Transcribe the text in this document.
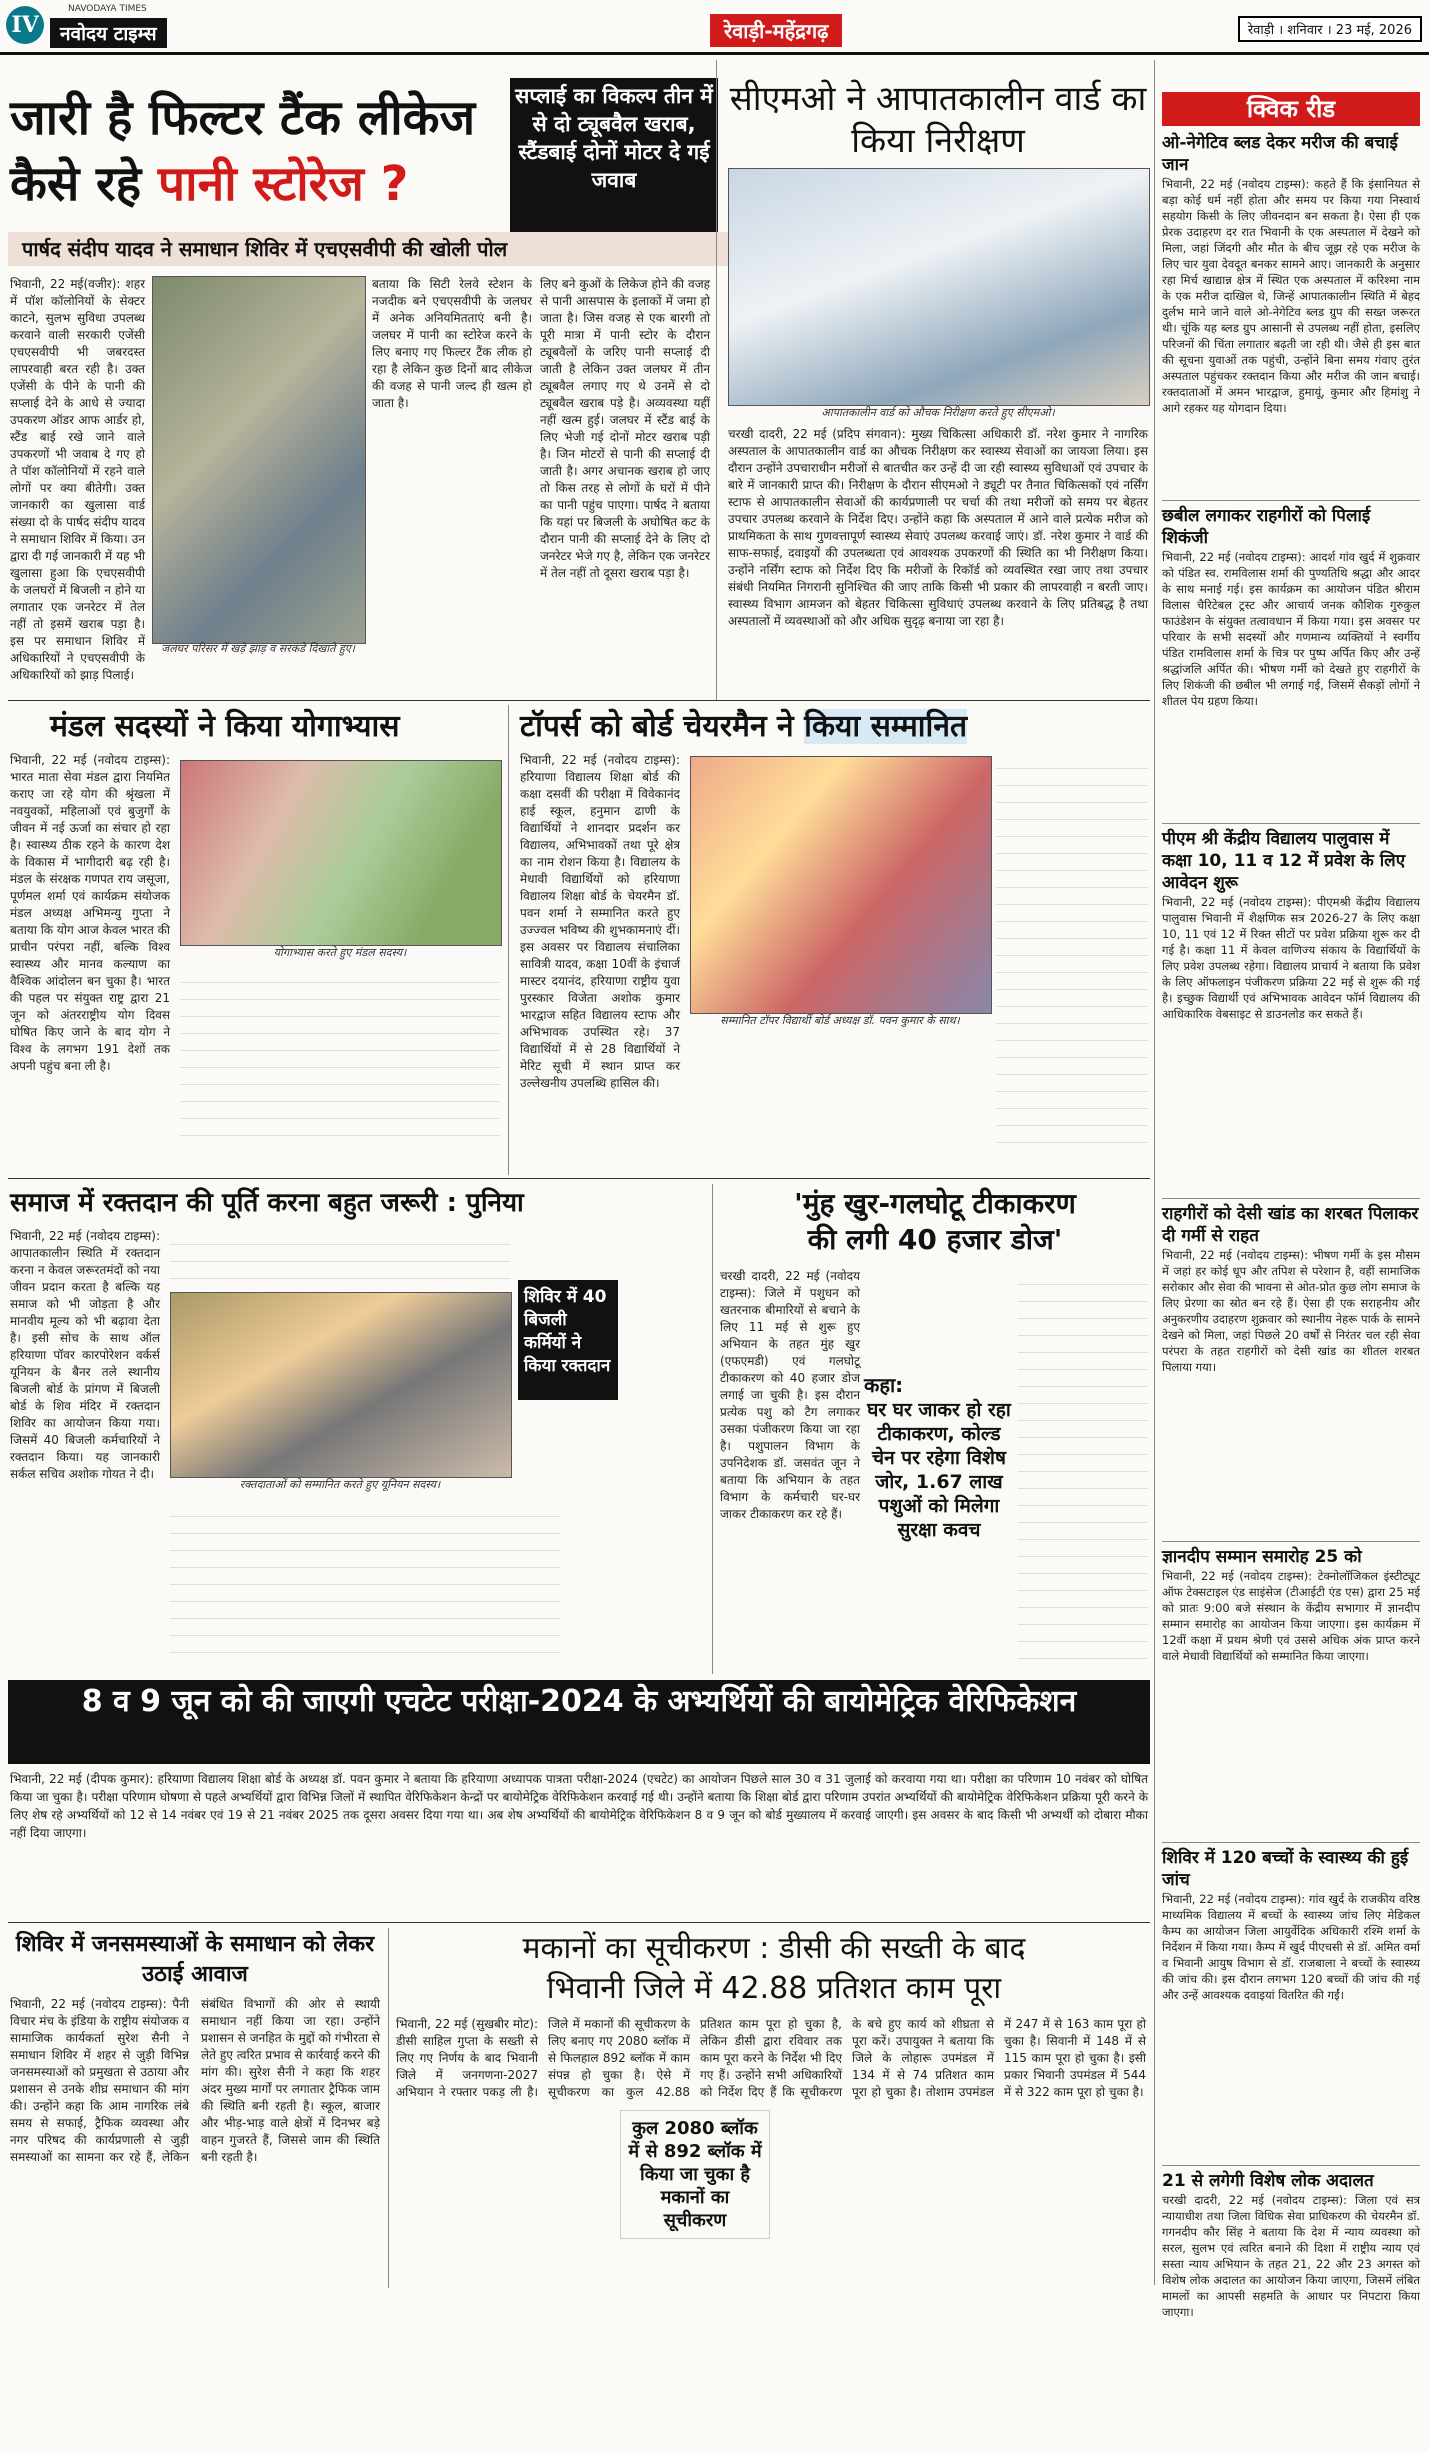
IV
NAVODAYA TIMES
नवोदय टाइम्स	रेवाड़ी-महेंद्रगढ़	रेवाड़ी । शनिवार । 23 मई, 2026
जारी है फिल्टर टैंक लीकेज
कैसे रहे पानी स्टोरेज ?
सप्लाई का विकल्प तीन में से दो ट्यूबवैल खराब, स्टैंडबाई दोनों मोटर दे गई जवाब
पार्षद संदीप यादव ने समाधान शिविर में एचएसवीपी की खोली पोल
भिवानी, 22 मई(वजीर): शहर में पॉश कॉलोनियों के सेक्टर काटने, सुलभ सुविधा उपलब्ध करवाने वाली सरकारी एजेंसी एचएसवीपी भी जबरदस्त लापरवाही बरत रही है। उक्त एजेंसी के पीने के पानी की सप्लाई देने के आधे से ज्यादा उपकरण ऑडर आफ आर्डर हो, स्टैंड बाई रखे जाने वाले उपकरणों भी जवाब दे गए हो ते पॉश कॉलोनियों में रहने वाले लोगों पर क्या बीतेगी। उक्त जानकारी का खुलासा वार्ड संख्या दो के पार्षद संदीप यादव ने समाधान शिविर में किया। उन द्वारा दी गई जानकारी में यह भी खुलासा हुआ कि एचएसवीपी के जलघरों में बिजली न होने या लगातार एक जनरेटर में तेल नहीं तो इसमें खराब पड़ा है। इस पर समाधान शिविर में अधिकारियों ने एचएसवीपी के अधिकारियों को झाड़ पिलाई।
जलघर परिसर में खड़े झाड़ व सरकंडे दिखाते हुए।
बताया कि सिटी रेलवे स्टेशन के नजदीक बने एचएसवीपी के जलघर में अनेक अनियमितताएं बनी है। जलघर में पानी का स्टोरेज करने के लिए बनाए गए फिल्टर टैंक लीक हो रहा है लेकिन कुछ दिनों बाद लीकेज की वजह से पानी जल्द ही खत्म हो जाता है।
लिए बने कुओं के लिकेज होने की वजह से पानी आसपास के इलाकों में जमा हो जाता है। जिस वजह से एक बारगी तो पूरी मात्रा में पानी स्टोर के दौरान ट्यूबवैलों के जरिए पानी सप्लाई दी जाती है लेकिन उक्त जलघर में तीन ट्यूबवैल लगाए गए थे उनमें से दो ट्यूबवैल खराब पड़े है। अव्यवस्था यहीं नहीं खत्म हुई। जलघर में स्टैंड बाई के लिए भेजी गई दोनों मोटर खराब पड़ी है। जिन मोटरों से पानी की सप्लाई दी जाती है। अगर अचानक खराब हो जाए तो किस तरह से लोगों के घरों में पीने का पानी पहुंच पाएगा। पार्षद ने बताया कि यहां पर बिजली के अघोषित कट के दौरान पानी की सप्लाई देने के लिए दो जनरेटर भेजे गए है, लेकिन एक जनरेटर में तेल नहीं तो दूसरा खराब पड़ा है।
सीएमओ ने आपातकालीन वार्ड का किया निरीक्षण
आपातकालीन वार्ड को औचक निरीक्षण करते हुए सीएमओ।
चरखी दादरी, 22 मई (प्रदिप संगवान): मुख्य चिकित्सा अधिकारी डॉ. नरेश कुमार ने नागरिक अस्पताल के आपातकालीन वार्ड का औचक निरीक्षण कर स्वास्थ्य सेवाओं का जायजा लिया। इस दौरान उन्होंने उपचाराधीन मरीजों से बातचीत कर उन्हें दी जा रही स्वास्थ्य सुविधाओं एवं उपचार के बारे में जानकारी प्राप्त की। निरीक्षण के दौरान सीएमओ ने ड्यूटी पर तैनात चिकित्सकों एवं नर्सिंग स्टाफ से आपातकालीन सेवाओं की कार्यप्रणाली पर चर्चा की तथा मरीजों को समय पर बेहतर उपचार उपलब्ध करवाने के निर्देश दिए। उन्होंने कहा कि अस्पताल में आने वाले प्रत्येक मरीज को प्राथमिकता के साथ गुणवत्तापूर्ण स्वास्थ्य सेवाएं उपलब्ध करवाई जाएं। डॉ. नरेश कुमार ने वार्ड की साफ-सफाई, दवाइयों की उपलब्धता एवं आवश्यक उपकरणों की स्थिति का भी निरीक्षण किया। उन्होंने नर्सिंग स्टाफ को निर्देश दिए कि मरीजों के रिकॉर्ड को व्यवस्थित रखा जाए तथा उपचार संबंधी नियमित निगरानी सुनिश्चित की जाए ताकि किसी भी प्रकार की लापरवाही न बरती जाए। स्वास्थ्य विभाग आमजन को बेहतर चिकित्सा सुविधाएं उपलब्ध करवाने के लिए प्रतिबद्ध है तथा अस्पतालों में व्यवस्थाओं को और अधिक सुदृढ़ बनाया जा रहा है।
क्विक रीड
ओ-नेगेटिव ब्लड देकर मरीज की बचाई जान
भिवानी, 22 मई (नवोदय टाइम्स): कहते हैं कि इंसानियत से बड़ा कोई धर्म नहीं होता और समय पर किया गया निस्वार्थ सहयोग किसी के लिए जीवनदान बन सकता है। ऐसा ही एक प्रेरक उदाहरण दर रात भिवानी के एक अस्पताल में देखने को मिला, जहां जिंदगी और मौत के बीच जूझ रहे एक मरीज के लिए चार युवा देवदूत बनकर सामने आए। जानकारी के अनुसार रहा मिर्च खाद्यान्न क्षेत्र में स्थित एक अस्पताल में करिश्मा नाम के एक मरीज दाखिल थे, जिन्हें आपातकालीन स्थिति में बेहद दुर्लभ माने जाने वाले ओ-नेगेटिव ब्लड ग्रुप की सख्त जरूरत थी। चूंकि यह ब्लड ग्रुप आसानी से उपलब्ध नहीं होता, इसलिए परिजनों की चिंता लगातार बढ़ती जा रही थी। जैसे ही इस बात की सूचना युवाओं तक पहुंची, उन्होंने बिना समय गंवाए तुरंत अस्पताल पहुंचकर रक्तदान किया और मरीज की जान बचाई। रक्तदाताओं में अमन भारद्वाज, हुमायूं, कुमार और हिमांशु ने आगे रहकर यह योगदान दिया।
छबील लगाकर राहगीरों को पिलाई शिकंजी
भिवानी, 22 मई (नवोदय टाइम्स): आदर्श गांव खुर्द में शुक्रवार को पंडित स्व. रामविलास शर्मा की पुण्यतिथि श्रद्धा और आदर के साथ मनाई गई। इस कार्यक्रम का आयोजन पंडित श्रीराम विलास चैरिटेबल ट्रस्ट और आचार्य जनक कौशिक गुरुकुल फाउंडेशन के संयुक्त तत्वावधान में किया गया। इस अवसर पर परिवार के सभी सदस्यों और गणमान्य व्यक्तियों ने स्वर्गीय पंडित रामविलास शर्मा के चित्र पर पुष्प अर्पित किए और उन्हें श्रद्धांजलि अर्पित की। भीषण गर्मी को देखते हुए राहगीरों के लिए शिकंजी की छबील भी लगाई गई, जिसमें सैकड़ों लोगों ने शीतल पेय ग्रहण किया।
पीएम श्री केंद्रीय विद्यालय पालुवास में कक्षा 10, 11 व 12 में प्रवेश के लिए आवेदन शुरू
भिवानी, 22 मई (नवोदय टाइम्स): पीएमश्री केंद्रीय विद्यालय पालुवास भिवानी में शैक्षणिक सत्र 2026-27 के लिए कक्षा 10, 11 एवं 12 में रिक्त सीटों पर प्रवेश प्रक्रिया शुरू कर दी गई है। कक्षा 11 में केवल वाणिज्य संकाय के विद्यार्थियों के लिए प्रवेश उपलब्ध रहेगा। विद्यालय प्राचार्य ने बताया कि प्रवेश के लिए ऑफलाइन पंजीकरण प्रक्रिया 22 मई से शुरू की गई है। इच्छुक विद्यार्थी एवं अभिभावक आवेदन फॉर्म विद्यालय की आधिकारिक वेबसाइट से डाउनलोड कर सकते हैं।
राहगीरों को देसी खांड का शरबत पिलाकर दी गर्मी से राहत
भिवानी, 22 मई (नवोदय टाइम्स): भीषण गर्मी के इस मौसम में जहां हर कोई धूप और तपिश से परेशान है, वहीं सामाजिक सरोकार और सेवा की भावना से ओत-प्रोत कुछ लोग समाज के लिए प्रेरणा का स्रोत बन रहे हैं। ऐसा ही एक सराहनीय और अनुकरणीय उदाहरण शुक्रवार को स्थानीय नेहरू पार्क के सामने देखने को मिला, जहां पिछले 20 वर्षों से निरंतर चल रही सेवा परंपरा के तहत राहगीरों को देसी खांड का शीतल शरबत पिलाया गया।
ज्ञानदीप सम्मान समारोह 25 को
भिवानी, 22 मई (नवोदय टाइम्स): टेक्नोलॉजिकल इंस्टीट्यूट ऑफ टेक्सटाइल एंड साइंसेज (टीआईटी एंड एस) द्वारा 25 मई को प्रातः 9:00 बजे संस्थान के केंद्रीय सभागार में ज्ञानदीप सम्मान समारोह का आयोजन किया जाएगा। इस कार्यक्रम में 12वीं कक्षा में प्रथम श्रेणी एवं उससे अधिक अंक प्राप्त करने वाले मेधावी विद्यार्थियों को सम्मानित किया जाएगा।
शिविर में 120 बच्चों के स्वास्थ्य की हुई जांच
भिवानी, 22 मई (नवोदय टाइम्स): गांव खुर्द के राजकीय वरिष्ठ माध्यमिक विद्यालय में बच्चों के स्वास्थ्य जांच लिए मेडिकल कैम्प का आयोजन जिला आयुर्वेदिक अधिकारी रश्मि शर्मा के निर्देशन में किया गया। कैम्प में खुर्द पीएचसी से डॉ. अमित वर्मा व भिवानी आयुष विभाग से डॉ. राजबाला ने बच्चों के स्वास्थ्य की जांच की। इस दौरान लगभग 120 बच्चों की जांच की गई और उन्हें आवश्यक दवाइयां वितरित की गईं।
21 से लगेगी विशेष लोक अदालत
चरखी दादरी, 22 मई (नवोदय टाइम्स): जिला एवं सत्र न्यायाधीश तथा जिला विधिक सेवा प्राधिकरण की चेयरमैन डॉ. गगनदीप कौर सिंह ने बताया कि देश में न्याय व्यवस्था को सरल, सुलभ एवं त्वरित बनाने की दिशा में राष्ट्रीय न्याय एवं सस्ता न्याय अभियान के तहत 21, 22 और 23 अगस्त को विशेष लोक अदालत का आयोजन किया जाएगा, जिसमें लंबित मामलों का आपसी सहमति के आधार पर निपटारा किया जाएगा।
मंडल सदस्यों ने किया योगाभ्यास
भिवानी, 22 मई (नवोदय टाइम्स): भारत माता सेवा मंडल द्वारा नियमित कराए जा रहे योग की श्रृंखला में नवयुवकों, महिलाओं एवं बुजुर्गों के जीवन में नई ऊर्जा का संचार हो रहा है। स्वास्थ्य ठीक रहने के कारण देश के विकास में भागीदारी बढ़ रही है। मंडल के संरक्षक गणपत राय जसूजा, पूर्णमल शर्मा एवं कार्यक्रम संयोजक मंडल अध्यक्ष अभिमन्यु गुप्ता ने बताया कि योग आज केवल भारत की प्राचीन परंपरा नहीं, बल्कि विश्व स्वास्थ्य और मानव कल्याण का वैश्विक आंदोलन बन चुका है। भारत की पहल पर संयुक्त राष्ट्र द्वारा 21 जून को अंतरराष्ट्रीय योग दिवस घोषित किए जाने के बाद योग ने विश्व के लगभग 191 देशों तक अपनी पहुंच बना ली है।
योगाभ्यास करते हुए मंडल सदस्य।
टॉपर्स को बोर्ड चेयरमैन ने किया सम्मानित
भिवानी, 22 मई (नवोदय टाइम्स): हरियाणा विद्यालय शिक्षा बोर्ड की कक्षा दसवीं की परीक्षा में विवेकानंद हाई स्कूल, हनुमान ढाणी के विद्यार्थियों ने शानदार प्रदर्शन कर विद्यालय, अभिभावकों तथा पूरे क्षेत्र का नाम रोशन किया है। विद्यालय के मेधावी विद्यार्थियों को हरियाणा विद्यालय शिक्षा बोर्ड के चेयरमैन डॉ. पवन शर्मा ने सम्मानित करते हुए उज्ज्वल भविष्य की शुभकामनाएं दीं। इस अवसर पर विद्यालय संचालिका सावित्री यादव, कक्षा 10वीं के इंचार्ज मास्टर दयानंद, हरियाणा राष्ट्रीय युवा पुरस्कार विजेता अशोक कुमार भारद्वाज सहित विद्यालय स्टाफ और अभिभावक उपस्थित रहे। 37 विद्यार्थियों में से 28 विद्यार्थियों ने मेरिट सूची में स्थान प्राप्त कर उल्लेखनीय उपलब्धि हासिल की।
सम्मानित टॉपर विद्यार्थी बोर्ड अध्यक्ष डॉ. पवन कुमार के साथ।
समाज में रक्तदान की पूर्ति करना बहुत जरूरी : पुनिया
भिवानी, 22 मई (नवोदय टाइम्स): आपातकालीन स्थिति में रक्तदान करना न केवल जरूरतमंदों को नया जीवन प्रदान करता है बल्कि यह समाज को भी जोड़ता है और मानवीय मूल्य को भी बढ़ावा देता है। इसी सोच के साथ ऑल हरियाणा पॉवर कारपोरेशन वर्कर्स यूनियन के बैनर तले स्थानीय बिजली बोर्ड के प्रांगण में बिजली बोर्ड के शिव मंदिर में रक्तदान शिविर का आयोजन किया गया। जिसमें 40 बिजली कर्मचारियों ने रक्तदान किया। यह जानकारी सर्कल सचिव अशोक गोयत ने दी।
रक्तदाताओं को सम्मानित करते हुए यूनियन सदस्य।
शिविर में 40 बिजली कर्मियों ने किया रक्तदान
'मुंह खुर-गलघोटू टीकाकरण
की लगी 40 हजार डोज'
चरखी दादरी, 22 मई (नवोदय टाइम्स): जिले में पशुधन को खतरनाक बीमारियों से बचाने के लिए 11 मई से शुरू हुए अभियान के तहत मुंह खुर (एफएमडी) एवं गलघोटू टीकाकरण को 40 हजार डोज लगाई जा चुकी है। इस दौरान प्रत्येक पशु को टैग लगाकर उसका पंजीकरण किया जा रहा है। पशुपालन विभाग के उपनिदेशक डॉ. जसवंत जून ने बताया कि अभियान के तहत विभाग के कर्मचारी घर-घर जाकर टीकाकरण कर रहे हैं।
कहा:
घर घर जाकर हो रहा टीकाकरण, कोल्ड चेन पर रहेगा विशेष जोर, 1.67 लाख पशुओं को मिलेगा सुरक्षा कवच
8 व 9 जून को की जाएगी एचटेट परीक्षा-2024 के अभ्यर्थियों की बायोमेट्रिक वेरिफिकेशन
भिवानी, 22 मई (दीपक कुमार): हरियाणा विद्यालय शिक्षा बोर्ड के अध्यक्ष डॉ. पवन कुमार ने बताया कि हरियाणा अध्यापक पात्रता परीक्षा-2024 (एचटेट) का आयोजन पिछले साल 30 व 31 जुलाई को करवाया गया था। परीक्षा का परिणाम 10 नवंबर को घोषित किया जा चुका है। परीक्षा परिणाम घोषणा से पहले अभ्यर्थियों द्वारा विभिन्न जिलों में स्थापित वेरिफिकेशन केन्द्रों पर बायोमेट्रिक वेरिफिकेशन करवाई गई थी। उन्होंने बताया कि शिक्षा बोर्ड द्वारा परिणाम उपरांत अभ्यर्थियों की बायोमेट्रिक वेरिफिकेशन प्रक्रिया पूरी करने के लिए शेष रहे अभ्यर्थियों को 12 से 14 नवंबर एवं 19 से 21 नवंबर 2025 तक दूसरा अवसर दिया गया था। अब शेष अभ्यर्थियों की बायोमेट्रिक वेरिफिकेशन 8 व 9 जून को बोर्ड मुख्यालय में करवाई जाएगी। इस अवसर के बाद किसी भी अभ्यर्थी को दोबारा मौका नहीं दिया जाएगा।
शिविर में जनसमस्याओं के समाधान को लेकर उठाई आवाज
भिवानी, 22 मई (नवोदय टाइम्स): पैनी विचार मंच के इंडिया के राष्ट्रीय संयोजक व सामाजिक कार्यकर्ता सुरेश सैनी ने समाधान शिविर में शहर से जुड़ी विभिन्न जनसमस्याओं को प्रमुखता से उठाया और प्रशासन से उनके शीघ्र समाधान की मांग की। उन्होंने कहा कि आम नागरिक लंबे समय से सफाई, ट्रैफिक व्यवस्था और नगर परिषद की कार्यप्रणाली से जुड़ी समस्याओं का सामना कर रहे हैं, लेकिन संबंधित विभागों की ओर से स्थायी समाधान नहीं किया जा रहा। उन्होंने प्रशासन से जनहित के मुद्दों को गंभीरता से लेते हुए त्वरित प्रभाव से कार्रवाई करने की मांग की। सुरेश सैनी ने कहा कि शहर अंदर मुख्य मार्गों पर लगातार ट्रैफिक जाम की स्थिति बनी रहती है। स्कूल, बाजार और भीड़-भाड़ वाले क्षेत्रों में दिनभर बड़े वाहन गुजरते हैं, जिससे जाम की स्थिति बनी रहती है।
मकानों का सूचीकरण : डीसी की सख्ती के बाद
भिवानी जिले में 42.88 प्रतिशत काम पूरा
भिवानी, 22 मई (सुखबीर मोट): डीसी साहिल गुप्ता के सख्ती से लिए गए निर्णय के बाद भिवानी जिले में जनगणना-2027 अभियान ने रफ्तार पकड़ ली है। जिले में मकानों की सूचीकरण के लिए बनाए गए 2080 ब्लॉक में से फिलहाल 892 ब्लॉक में काम संपन्न हो चुका है। ऐसे में सूचीकरण का कुल 42.88 प्रतिशत काम पूरा हो चुका है, लेकिन डीसी द्वारा रविवार तक काम पूरा करने के निर्देश भी दिए गए हैं। उन्होंने सभी अधिकारियों को निर्देश दिए हैं कि सूचीकरण के बचे हुए कार्य को शीघ्रता से पूरा करें। उपायुक्त ने बताया कि जिले के लोहारू उपमंडल में 134 में से 74 प्रतिशत काम पूरा हो चुका है। तोशाम उपमंडल में 247 में से 163 काम पूरा हो चुका है। सिवानी में 148 में से 115 काम पूरा हो चुका है। इसी प्रकार भिवानी उपमंडल में 544 में से 322 काम पूरा हो चुका है।
कुल 2080 ब्लॉक में से 892 ब्लॉक में किया जा चुका है मकानों का सूचीकरण
